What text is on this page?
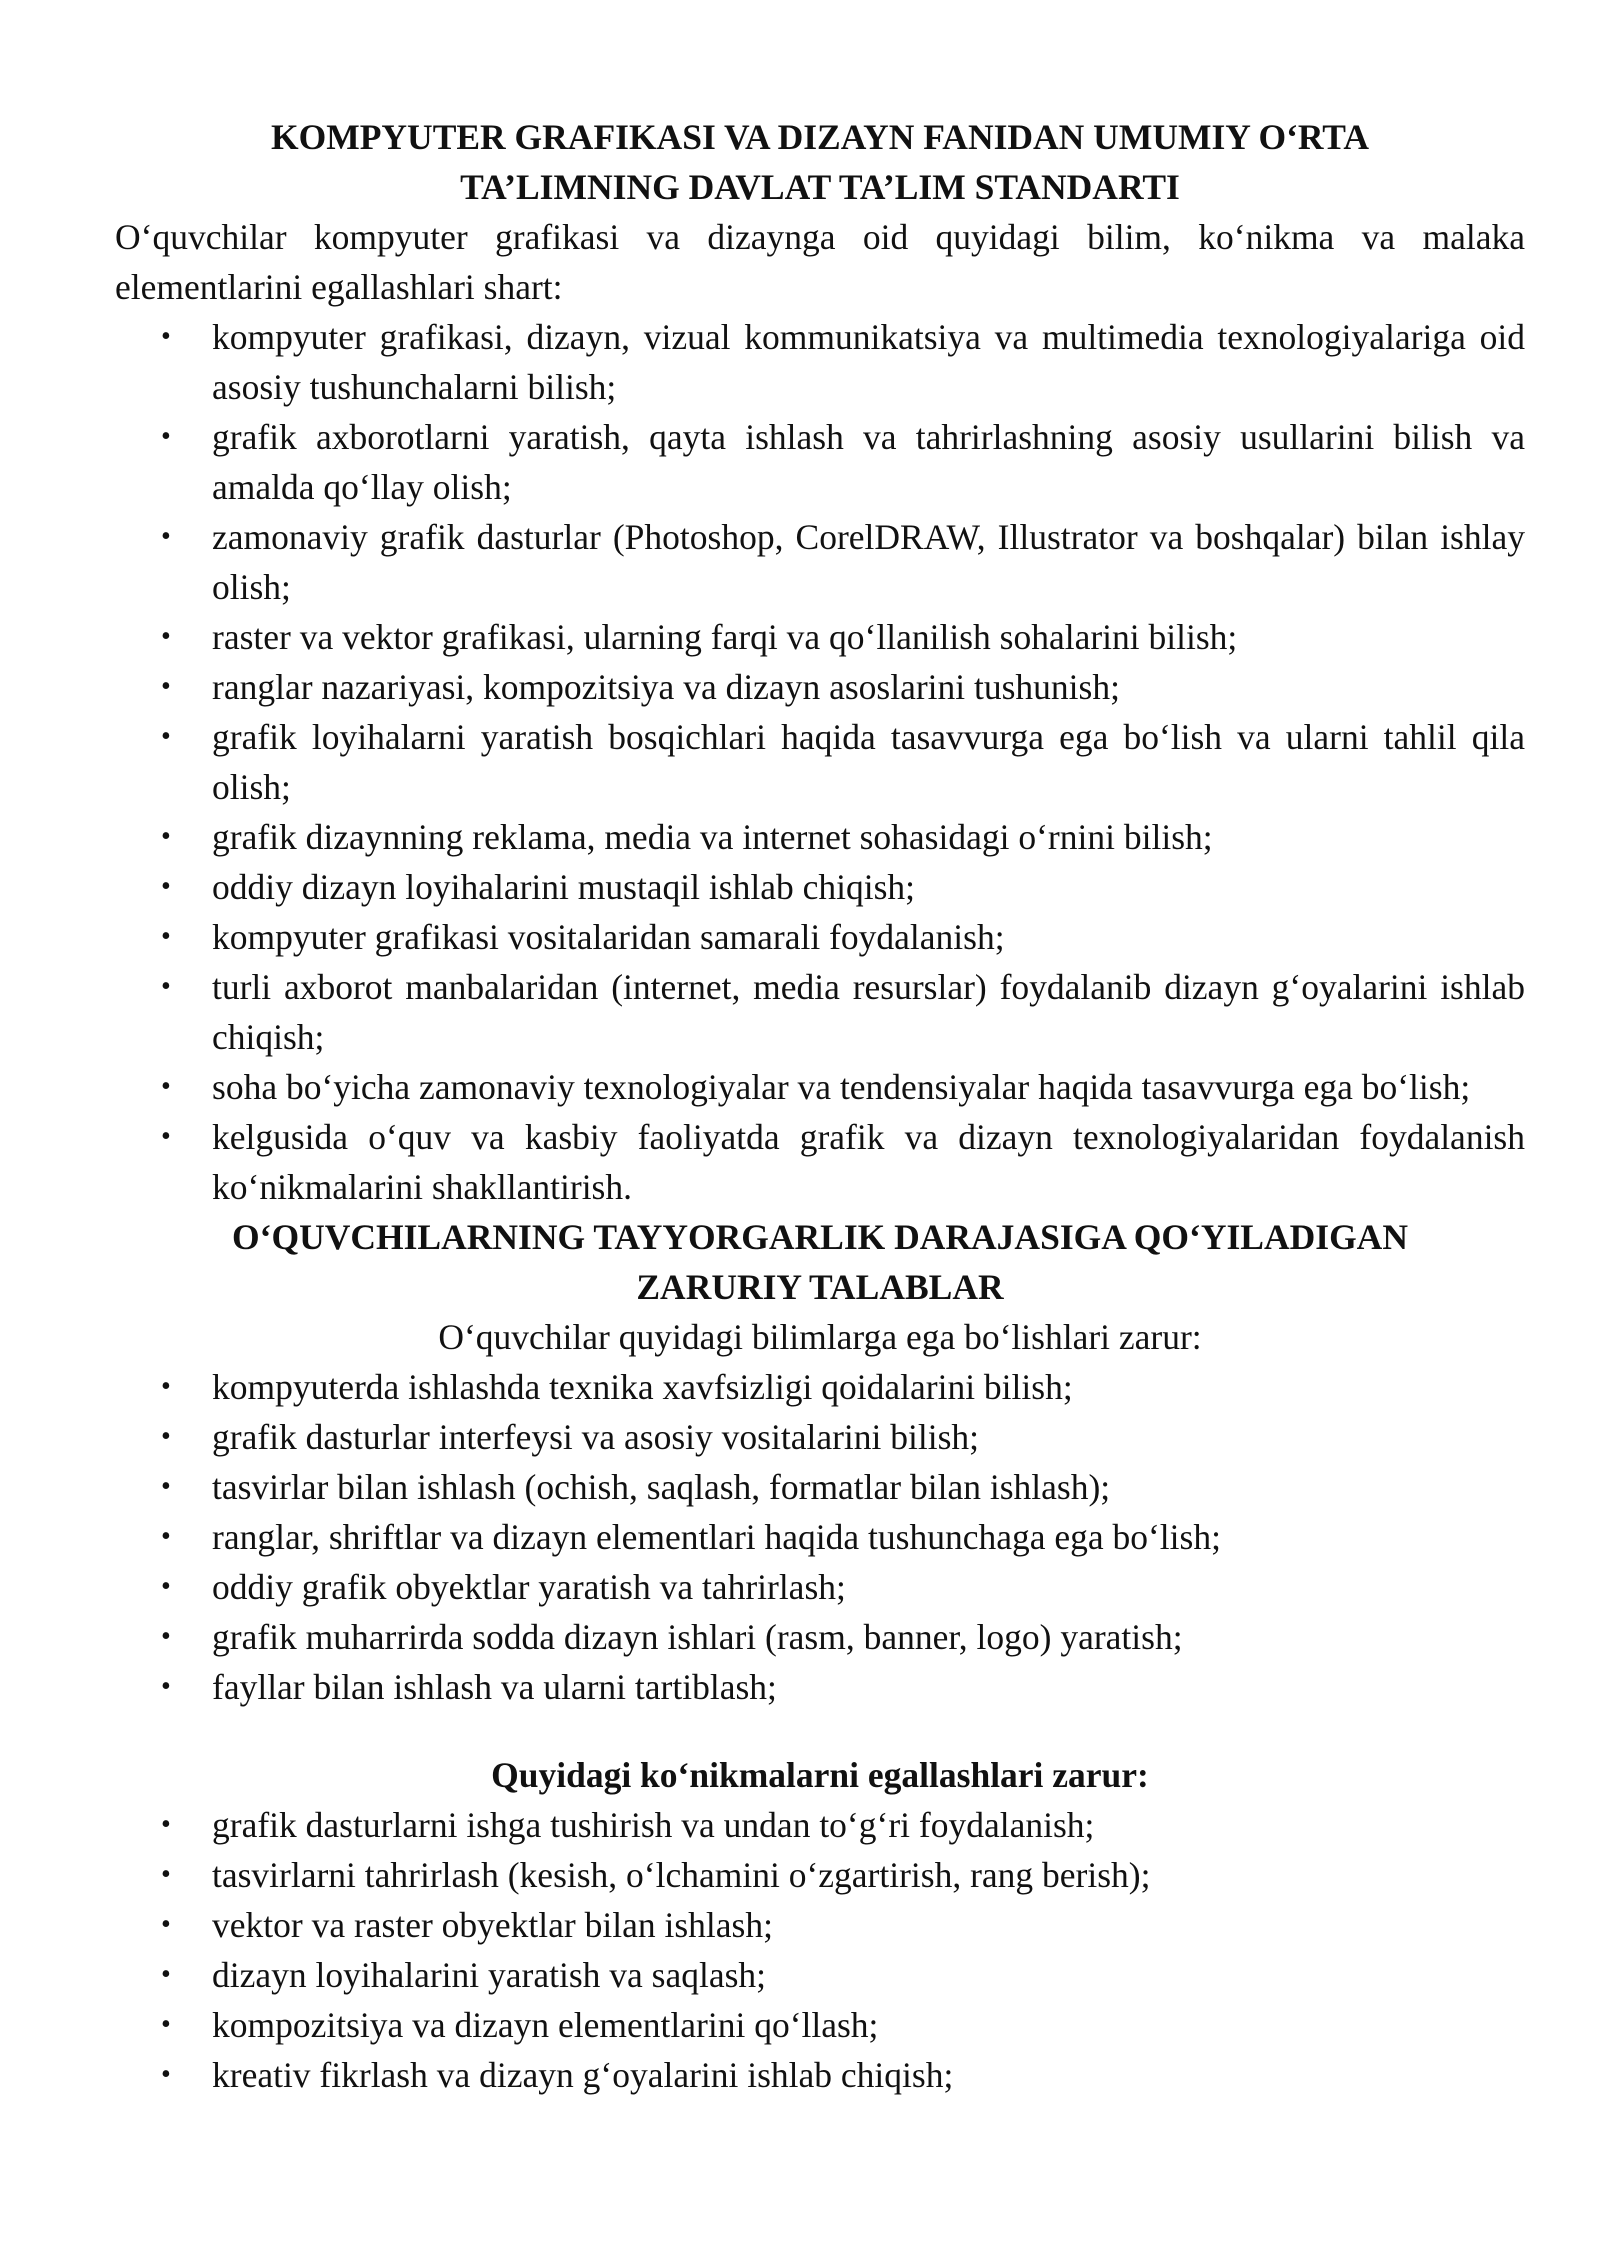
KOMPYUTER GRAFIKASI VA DIZAYN FANIDAN UMUMIY O‘RTA
TA’LIMNING DAVLAT TA’LIM STANDARTI

O‘quvchilar kompyuter grafikasi va dizaynga oid quyidagi bilim, ko‘nikma va malaka elementlarini egallashlari shart:

• kompyuter grafikasi, dizayn, vizual kommunikatsiya va multimedia texnologiyalariga oid asosiy tushunchalarni bilish;
• grafik axborotlarni yaratish, qayta ishlash va tahrirlashning asosiy usullarini bilish va amalda qo‘llay olish;
• zamonaviy grafik dasturlar (Photoshop, CorelDRAW, Illustrator va boshqalar) bilan ishlay olish;
• raster va vektor grafikasi, ularning farqi va qo‘llanilish sohalarini bilish;
• ranglar nazariyasi, kompozitsiya va dizayn asoslarini tushunish;
• grafik loyihalarni yaratish bosqichlari haqida tasavvurga ega bo‘lish va ularni tahlil qila olish;
• grafik dizaynning reklama, media va internet sohasidagi o‘rnini bilish;
• oddiy dizayn loyihalarini mustaqil ishlab chiqish;
• kompyuter grafikasi vositalaridan samarali foydalanish;
• turli axborot manbalaridan (internet, media resurslar) foydalanib dizayn g‘oyalarini ishlab chiqish;
• soha bo‘yicha zamonaviy texnologiyalar va tendensiyalar haqida tasavvurga ega bo‘lish;
• kelgusida o‘quv va kasbiy faoliyatda grafik va dizayn texnologiyalaridan foydalanish ko‘nikmalarini shakllantirish.
O‘QUVCHILARNING TAYYORGARLIK DARAJASIGA QO‘YILADIGAN
ZARURIY TALABLAR

O‘quvchilar quyidagi bilimlarga ega bo‘lishlari zarur:

• kompyuterda ishlashda texnika xavfsizligi qoidalarini bilish;
• grafik dasturlar interfeysi va asosiy vositalarini bilish;
• tasvirlar bilan ishlash (ochish, saqlash, formatlar bilan ishlash);
• ranglar, shriftlar va dizayn elementlari haqida tushunchaga ega bo‘lish;
• oddiy grafik obyektlar yaratish va tahrirlash;
• grafik muharrirda sodda dizayn ishlari (rasm, banner, logo) yaratish;
• fayllar bilan ishlash va ularni tartiblash;
Quyidagi ko‘nikmalarni egallashlari zarur:
• grafik dasturlarni ishga tushirish va undan to‘g‘ri foydalanish;
• tasvirlarni tahrirlash (kesish, o‘lchamini o‘zgartirish, rang berish);
• vektor va raster obyektlar bilan ishlash;
• dizayn loyihalarini yaratish va saqlash;
• kompozitsiya va dizayn elementlarini qo‘llash;
• kreativ fikrlash va dizayn g‘oyalarini ishlab chiqish;
